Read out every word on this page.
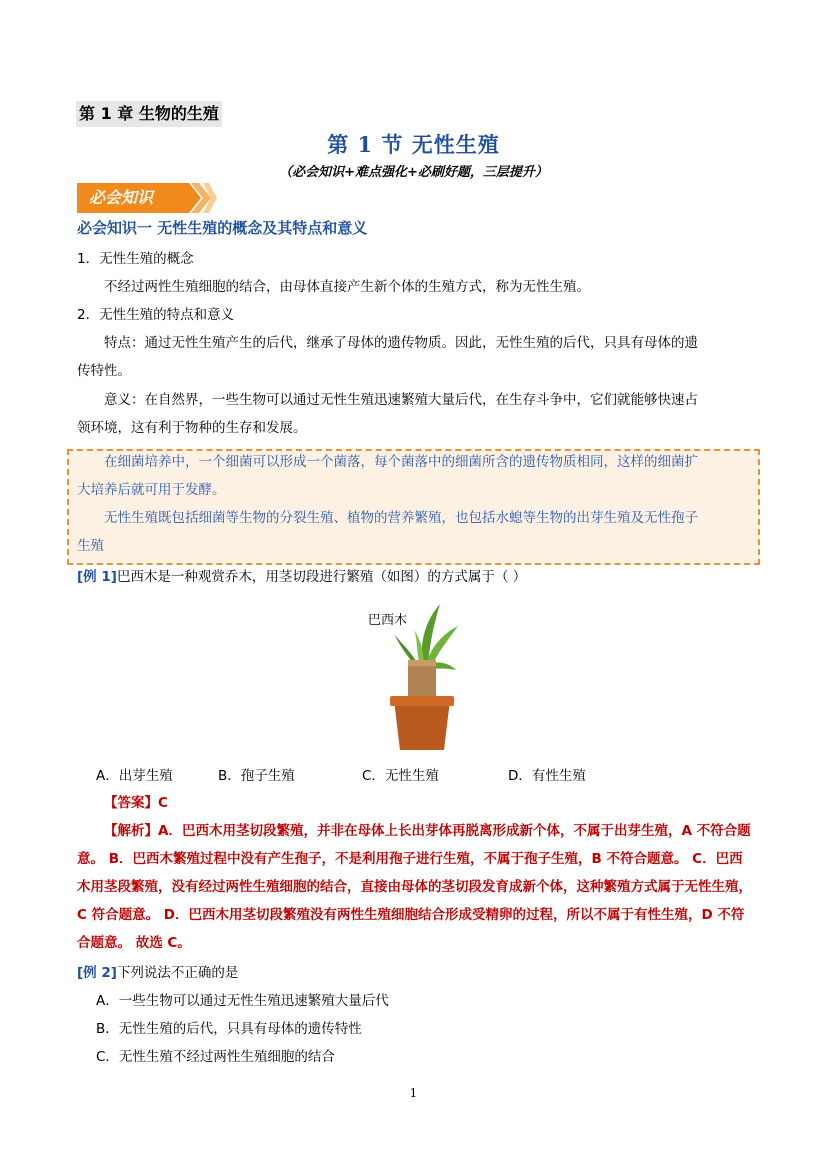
第 1 章 生物的生殖
第 1 节 无性生殖
（必会知识+难点强化+必刷好题，三层提升）
必会知识
必会知识一 无性生殖的概念及其特点和意义
1．无性生殖的概念
不经过两性生殖细胞的结合，由母体直接产生新个体的生殖方式，称为无性生殖。
2．无性生殖的特点和意义
特点：通过无性生殖产生的后代，继承了母体的遗传物质。因此，无性生殖的后代，只具有母体的遗
传特性。
意义：在自然界，一些生物可以通过无性生殖迅速繁殖大量后代，在生存斗争中，它们就能够快速占
领环境，这有利于物种的生存和发展。
在细菌培养中，一个细菌可以形成一个菌落，每个菌落中的细菌所含的遗传物质相同，这样的细菌扩
大培养后就可用于发酵。
无性生殖既包括细菌等生物的分裂生殖、植物的营养繁殖，也包括水螅等生物的出芽生殖及无性孢子
生殖
[例 1]巴西木是一种观赏乔木，用茎切段进行繁殖（如图）的方式属于（ ）
巴西木
A．出芽生殖	B．孢子生殖	C．无性生殖	D．有性生殖
【答案】C
【解析】A．巴西木用茎切段繁殖，并非在母体上长出芽体再脱离形成新个体，不属于出芽生殖，A 不符合题意。 B．巴西木繁殖过程中没有产生孢子，不是利用孢子进行生殖，不属于孢子生殖，B 不符合题意。 C．巴西木用茎段繁殖，没有经过两性生殖细胞的结合，直接由母体的茎切段发育成新个体，这种繁殖方式属于无性生殖，C 符合题意。 D．巴西木用茎切段繁殖没有两性生殖细胞结合形成受精卵的过程，所以不属于有性生殖，D 不符合题意。 故选 C。
[例 2]下列说法不正确的是
A．一些生物可以通过无性生殖迅速繁殖大量后代
B．无性生殖的后代，只具有母体的遗传特性
C．无性生殖不经过两性生殖细胞的结合
1
